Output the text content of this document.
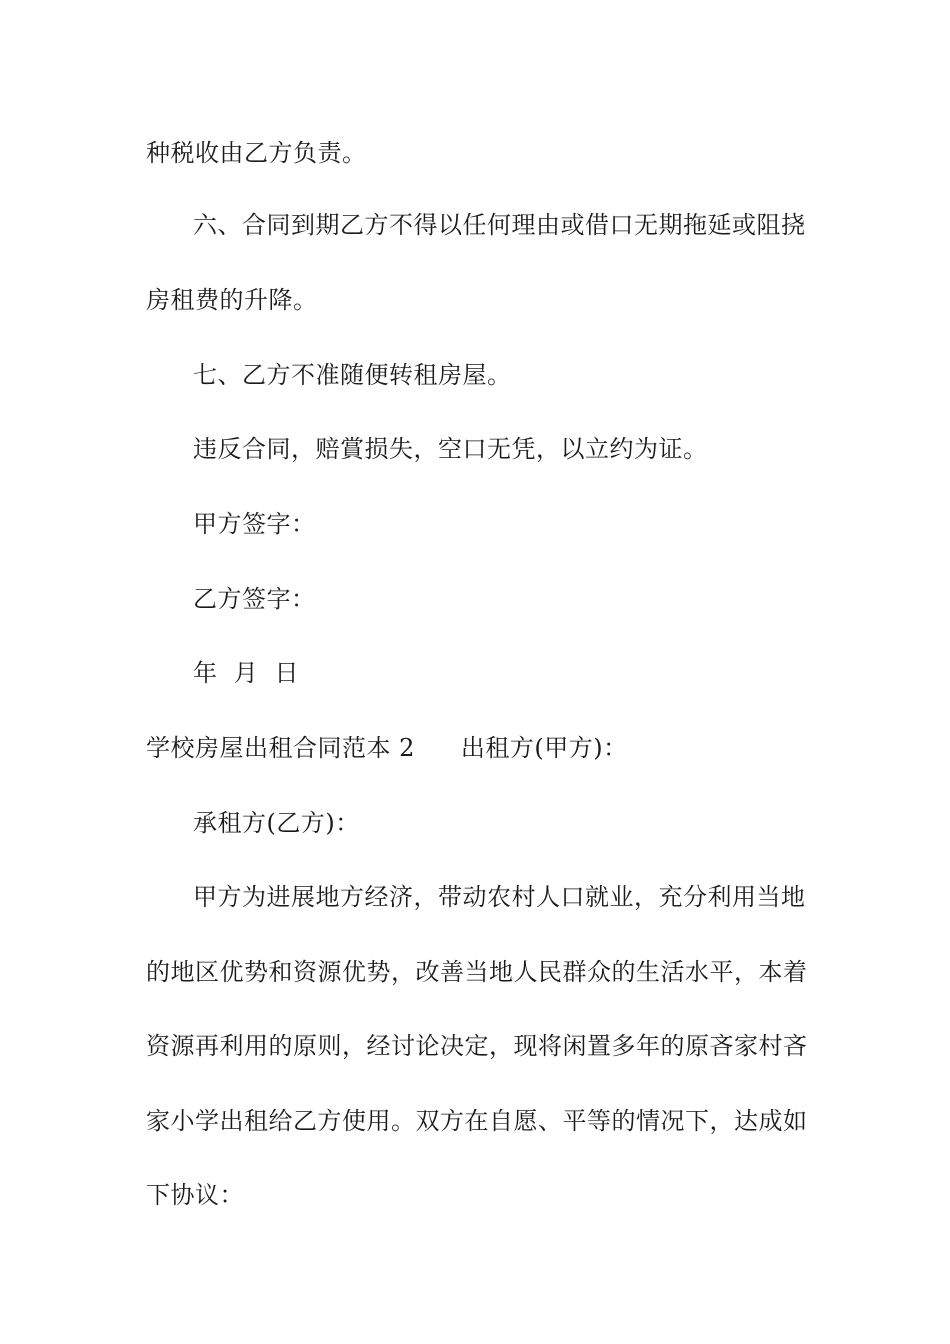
种税收由乙方负责。
六、合同到期乙方不得以任何理由或借口无期拖延或阻挠
房租费的升降。
七、乙方不准随便转租房屋。
违反合同，赔賞损失，空口无凭，以立约为证。
甲方签字：
乙方签字：
年  月  日
学校房屋出租合同范本 2 出租方(甲方)：
承租方(乙方)：
甲方为进展地方经济，带动农村人口就业，充分利用当地
的地区优势和资源优势，改善当地人民群众的生活水平，本着
资源再利用的原则，经讨论决定，现将闲置多年的原吝家村吝
家小学出租给乙方使用。双方在自愿、平等的情况下，达成如
下协议：
